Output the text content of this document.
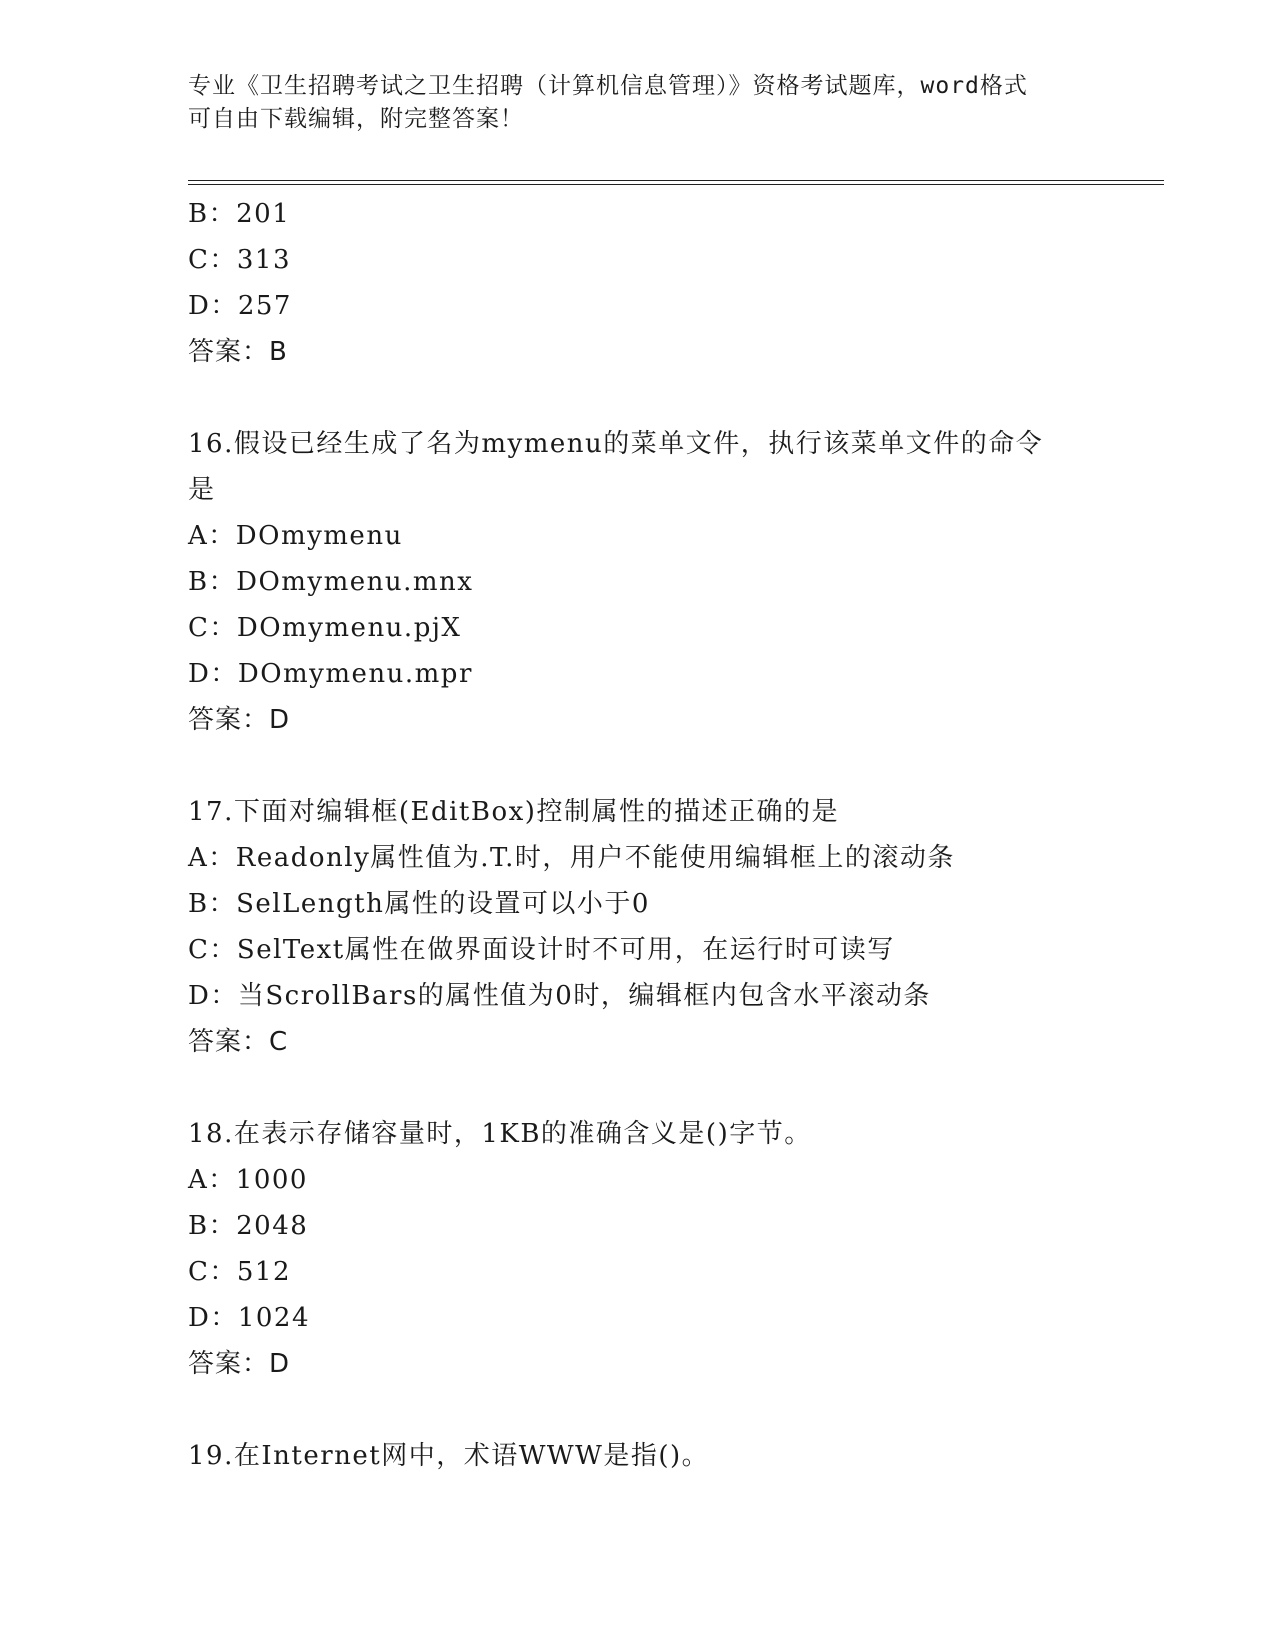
专业《卫生招聘考试之卫生招聘（计算机信息管理）》资格考试题库，word格式
可自由下载编辑，附完整答案！
B：201
C：313
D：257
答案：B
16.假设已经生成了名为mymenu的菜单文件，执行该菜单文件的命令
是
A：DOmymenu
B：DOmymenu.mnx
C：DOmymenu.pjX
D：DOmymenu.mpr
答案：D
17.下面对编辑框(EditBox)控制属性的描述正确的是
A：Readonly属性值为.T.时，用户不能使用编辑框上的滚动条
B：SelLength属性的设置可以小于0
C：SelText属性在做界面设计时不可用，在运行时可读写
D：当ScrollBars的属性值为0时，编辑框内包含水平滚动条
答案：C
18.在表示存储容量时，1KB的准确含义是()字节。
A：1000
B：2048
C：512
D：1024
答案：D
19.在Internet网中，术语WWW是指()。
